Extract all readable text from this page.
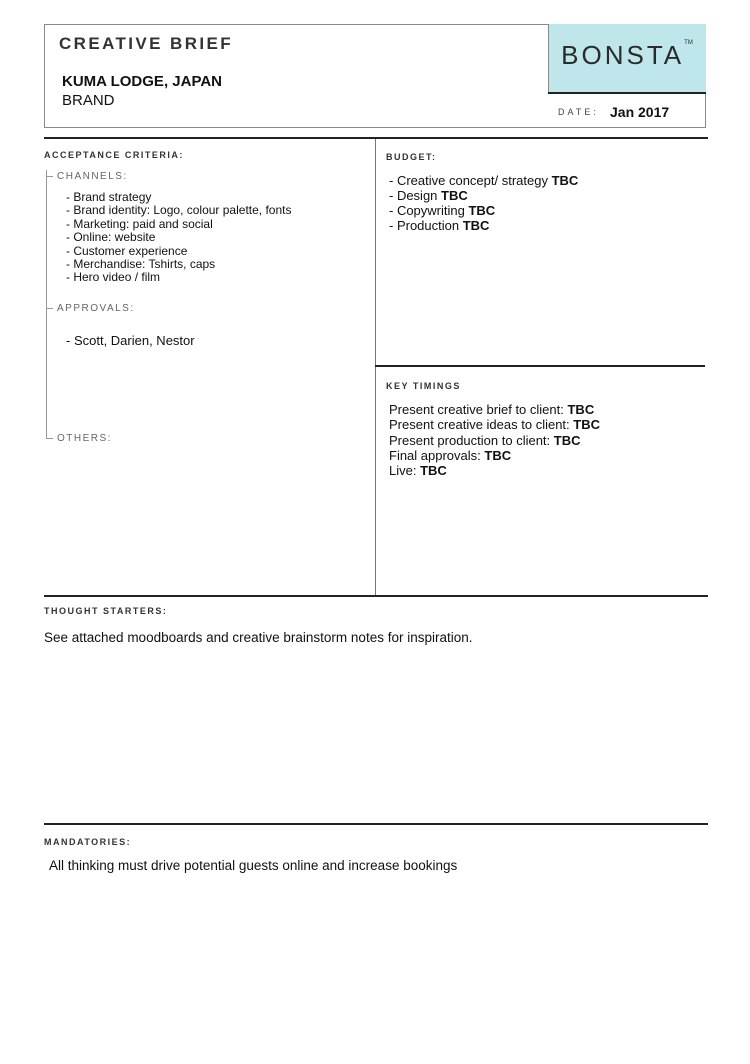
CREATIVE BRIEF
KUMA LODGE, JAPAN
BRAND
BONSTA™
DATE: Jan 2017
ACCEPTANCE CRITERIA:
CHANNELS:
- Brand strategy
- Brand identity: Logo, colour palette, fonts
- Marketing: paid and social
- Online: website
- Customer experience
- Merchandise: Tshirts, caps
- Hero video / film
APPROVALS:
- Scott, Darien, Nestor
OTHERS:
BUDGET:
- Creative concept/ strategy TBC
- Design TBC
- Copywriting TBC
- Production TBC
KEY TIMINGS
Present creative brief to client: TBC
Present creative ideas to client: TBC
Present production to client: TBC
Final approvals: TBC
Live: TBC
THOUGHT STARTERS:
See attached moodboards and creative brainstorm notes for inspiration.
MANDATORIES:
All thinking must drive potential guests online and increase bookings
